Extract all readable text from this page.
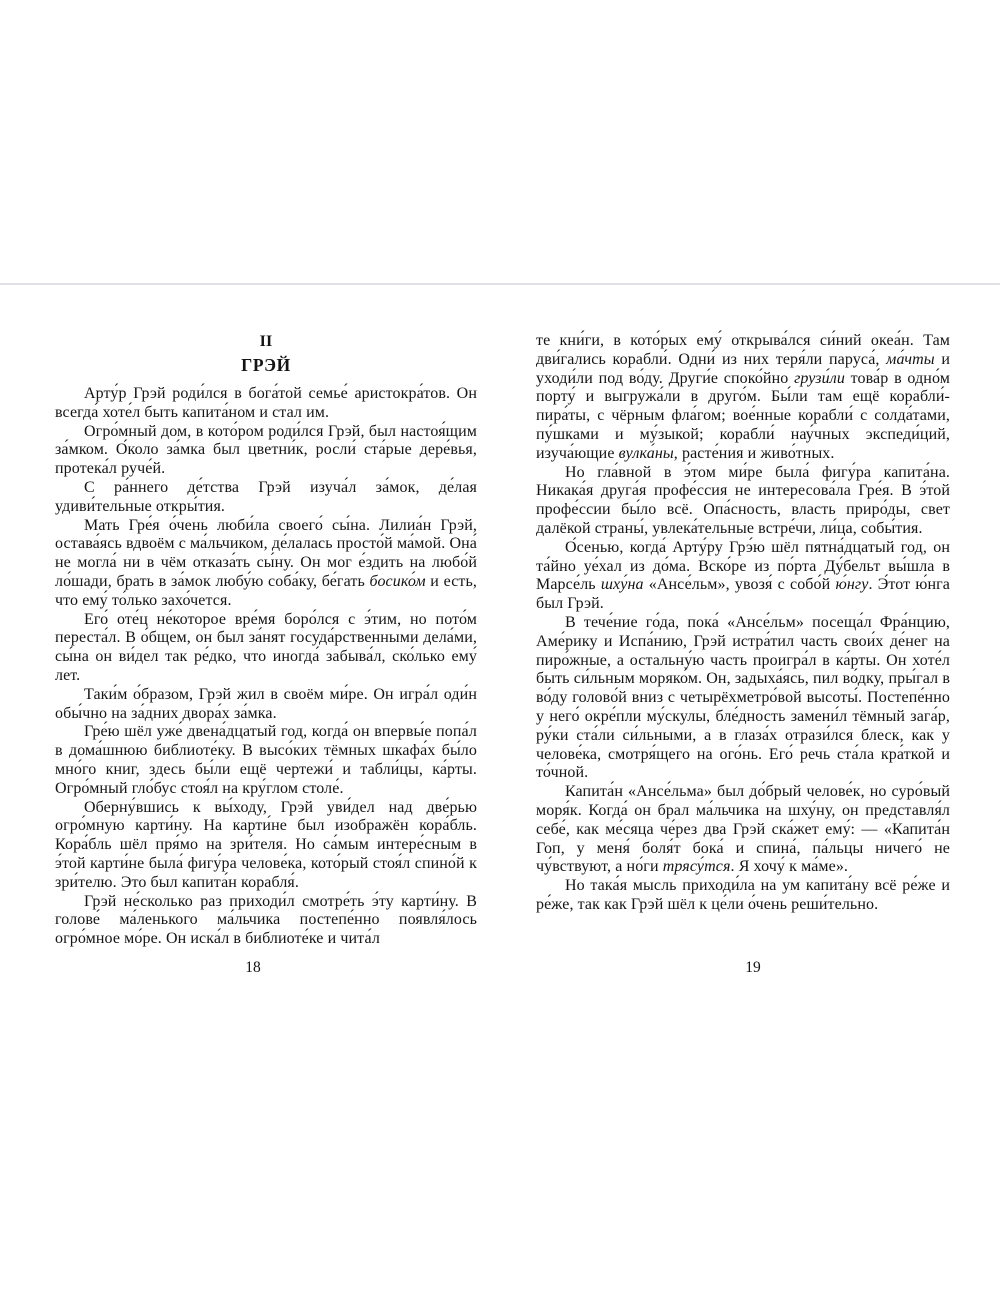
II
ГРЭЙ

Арту́р Грэй роди́лся в бога́той семье́ аристокра́тов. Он всегда́ хоте́л быть капита́ном и стал им.

Огро́мный дом, в кото́ром роди́лся Грэй, был настоя́щим за́мком. О́коло за́мка был цветни́к, росли́ ста́рые дере́вья, протека́л руче́й.

С ра́ннего де́тства Грэй изуча́л за́мок, де́лая удиви́тельные откры́тия.

Мать Гре́я о́чень люби́ла своего́ сы́на. Лилиа́н Грэй, остава́ясь вдвоём с ма́льчиком, де́лалась просто́й ма́мой. Она́ не могла́ ни в чём отказа́ть сы́ну. Он мог е́здить на любо́й ло́шади, брать в за́мок любу́ю соба́ку, бе́гать босико́м и есть, что ему́ то́лько захо́чется.

Его́ оте́ц не́которое вре́мя боро́лся с э́тим, но пото́м переста́л. В о́бщем, он был за́нят госуда́рственными дела́ми, сы́на он ви́дел так ре́дко, что иногда́ забыва́л, ско́лько ему́ лет.

Таки́м о́бразом, Грэй жил в своём ми́ре. Он игра́л оди́н обы́чно на за́дних двора́х за́мка.

Гре́ю шёл уже́ двена́дцатый год, когда́ он впервы́е попа́л в дома́шнюю библиоте́ку. В высо́ких тёмных шкафа́х бы́ло мно́го книг, здесь бы́ли ещё чертежи́ и табли́цы, ка́рты. Огро́мный гло́бус стоя́л на кру́глом столе́.

Оберну́вшись к вы́ходу, Грэй уви́дел над две́рью огро́мную карти́ну. На карти́не был изображён кора́бль. Кора́бль шёл пря́мо на зри́теля. Но са́мым интере́сным в э́той карти́не была́ фигу́ра челове́ка, кото́рый стоя́л спино́й к зри́телю. Это был капита́н корабля́.

Грэй не́сколько раз приходи́л смотре́ть э́ту карти́ну. В голове́ ма́ленького ма́льчика постепе́нно появля́лось огро́мное мо́ре. Он иска́л в библиоте́ке и чита́л

те кни́ги, в кото́рых ему́ открыва́лся си́ний океа́н. Там дви́гались корабли́. Одни́ из них теря́ли паруса́, ма́чты и уходи́ли под во́ду. Други́е споко́йно грузи́ли това́р в одно́м порту́ и выгружа́ли в друго́м. Бы́ли там ещё корабли́-пира́ты, с чёрным фла́гом; вое́нные корабли́ с солда́тами, пу́шками и му́зыкой; корабли́ нау́чных экспеди́ций, изуча́ющие вулка́ны, расте́ния и живо́тных.

Но гла́вной в э́том ми́ре была́ фигу́ра капита́на. Никака́я друга́я профе́ссия не интересова́ла Гре́я. В э́той профе́ссии бы́ло всё. Опа́сность, власть приро́ды, свет далёкой страны́, увлека́тельные встре́чи, ли́ца, собы́тия.

О́сенью, когда́ Арту́ру Грэ́ю шёл пятна́дцатый год, он та́йно уе́хал из до́ма. Вско́ре из по́рта Ду́бельт вы́шла в Марсе́ль шху́на «Ансе́льм», увозя́ с собо́й ю́нгу. Э́тот ю́нга был Грэй.

В тече́ние го́да, пока́ «Ансе́льм» посеща́л Фра́нцию, Аме́рику и Испа́нию, Грэй истра́тил часть свои́х де́нег на пиро́жные, а остальну́ю часть проигра́л в ка́рты. Он хоте́л быть си́льным моряко́м. Он, задыха́ясь, пил во́дку, пры́гал в во́ду голово́й вниз с четырёхметро́вой высоты́. Постепе́нно у него́ окре́пли му́скулы, бле́дность замени́л тёмный зага́р, ру́ки ста́ли си́льными, а в глаза́х отрази́лся блеск, как у челове́ка, смотря́щего на ого́нь. Его́ речь ста́ла кра́ткой и то́чной.

Капита́н «Ансе́льма» был до́брый челове́к, но суро́вый моря́к. Когда́ он брал ма́льчика на шху́ну, он представля́л себе́, как ме́сяца че́рез два Грэй ска́жет ему́: — «Капита́н Гоп, у меня́ боля́т бока́ и спина́, па́льцы ничего́ не чу́вствуют, а но́ги трясу́тся. Я хочу́ к ма́ме».

Но така́я мысль приходи́ла на ум капита́ну всё ре́же и ре́же, так как Грэй шёл к це́ли о́чень реши́тельно.

18	19
